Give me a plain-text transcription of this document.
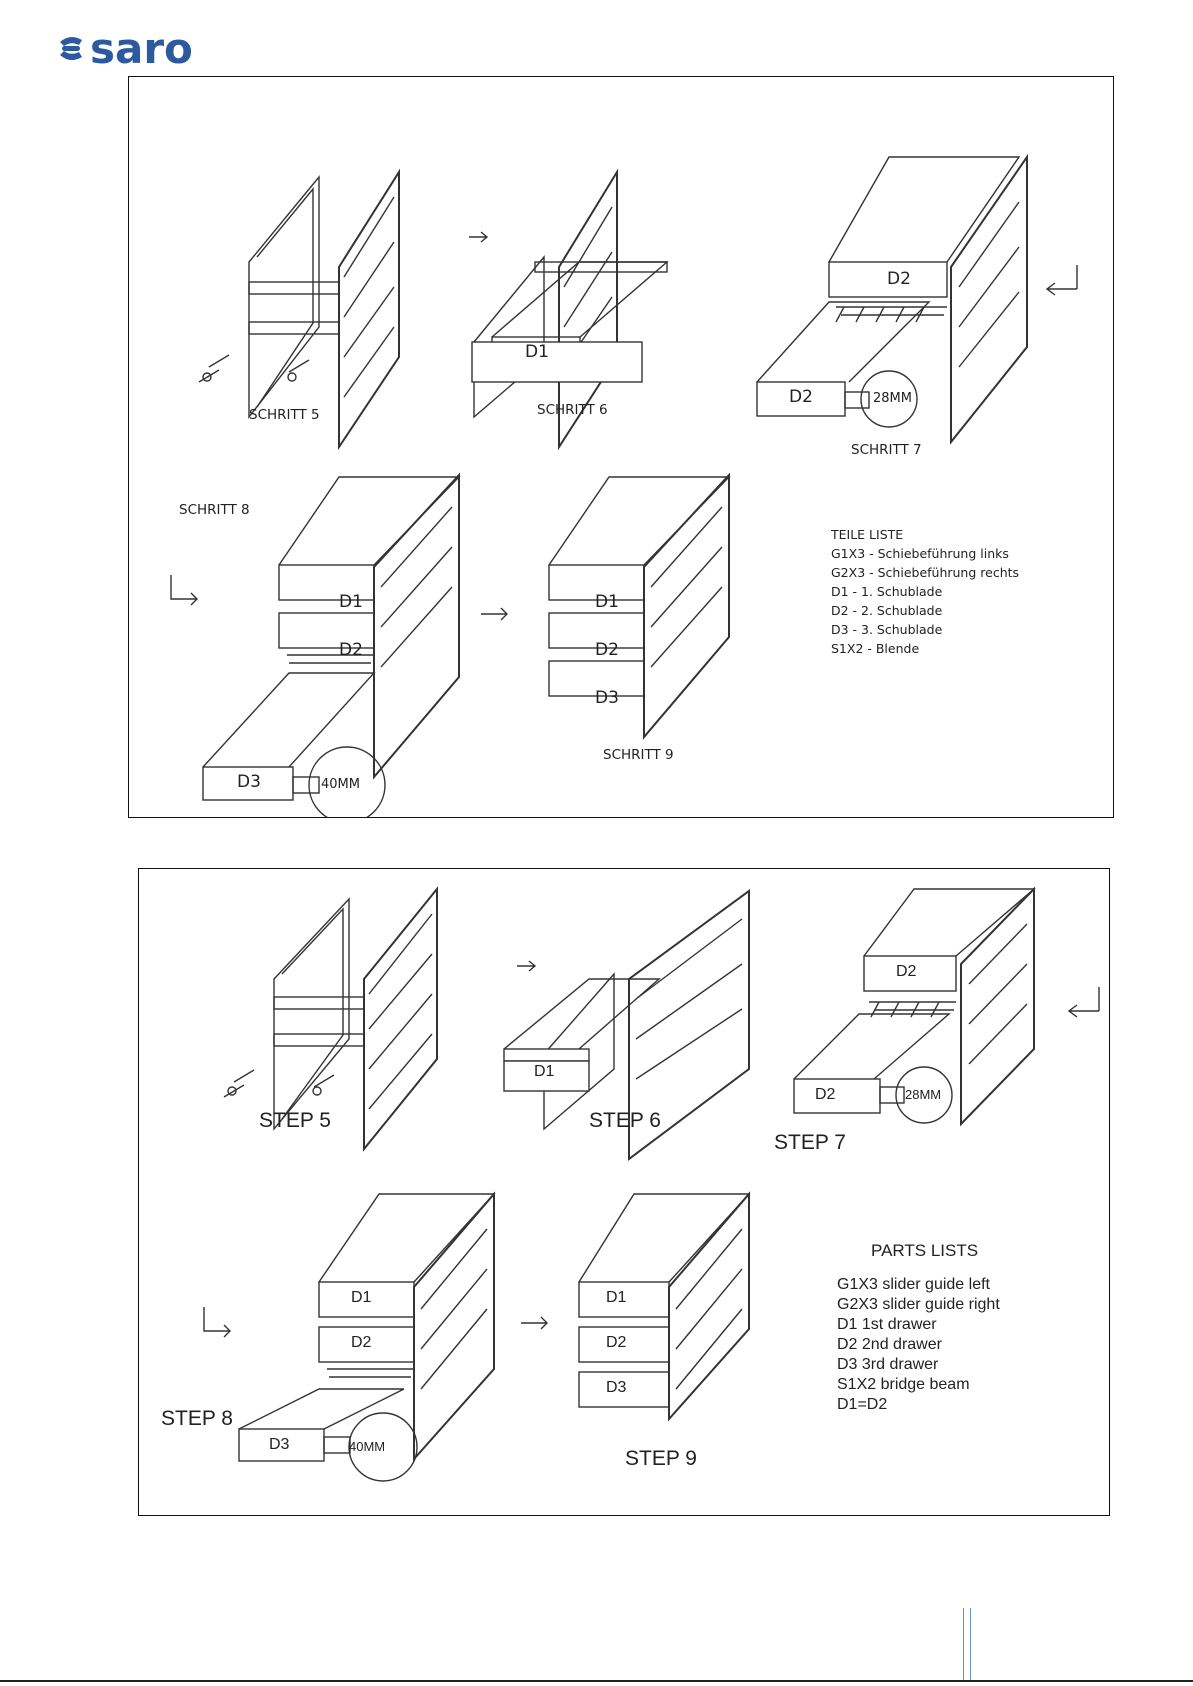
saro
SCHRITT 5	SCHRITT 6
SCHRITT 7
SCHRITT 8
SCHRITT 9
D1
D2
D2
D1
D2
D3
D1
D2
D3
28MM
40MM
TEILE LISTE
G1X3 - Schiebeführung links
G2X3 - Schiebeführung rechts
D1 - 1. Schublade
D2 - 2. Schublade
D3 - 3. Schublade
S1X2 - Blende
STEP 5	STEP 6
STEP 7
STEP 8
STEP 9
D1
D2
D2
D1
D2
D3
D1
D2
D3
28MM
40MM
PARTS LISTS
G1X3 slider guide left
G2X3 slider guide right
D1 1st drawer
D2 2nd drawer
D3 3rd drawer
S1X2 bridge beam
D1=D2
